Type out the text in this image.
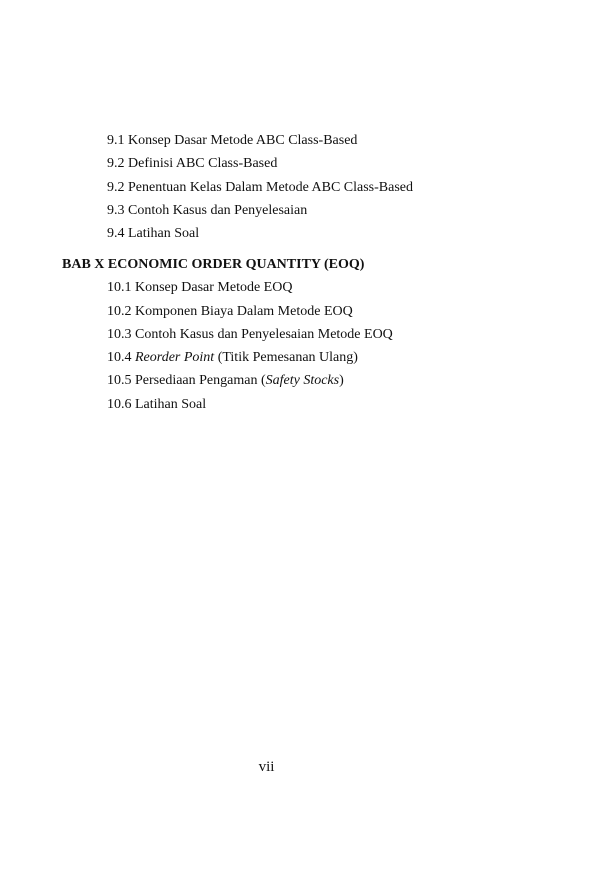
9.1 Konsep Dasar Metode ABC Class-Based
9.2 Definisi ABC Class-Based
9.2 Penentuan Kelas Dalam Metode ABC Class-Based
9.3 Contoh Kasus dan Penyelesaian
9.4 Latihan Soal
BAB X ECONOMIC ORDER QUANTITY (EOQ)
10.1 Konsep Dasar Metode EOQ
10.2 Komponen Biaya Dalam Metode EOQ
10.3 Contoh Kasus dan Penyelesaian Metode EOQ
10.4 Reorder Point (Titik Pemesanan Ulang)
10.5 Persediaan Pengaman (Safety Stocks)
10.6 Latihan Soal
vii
